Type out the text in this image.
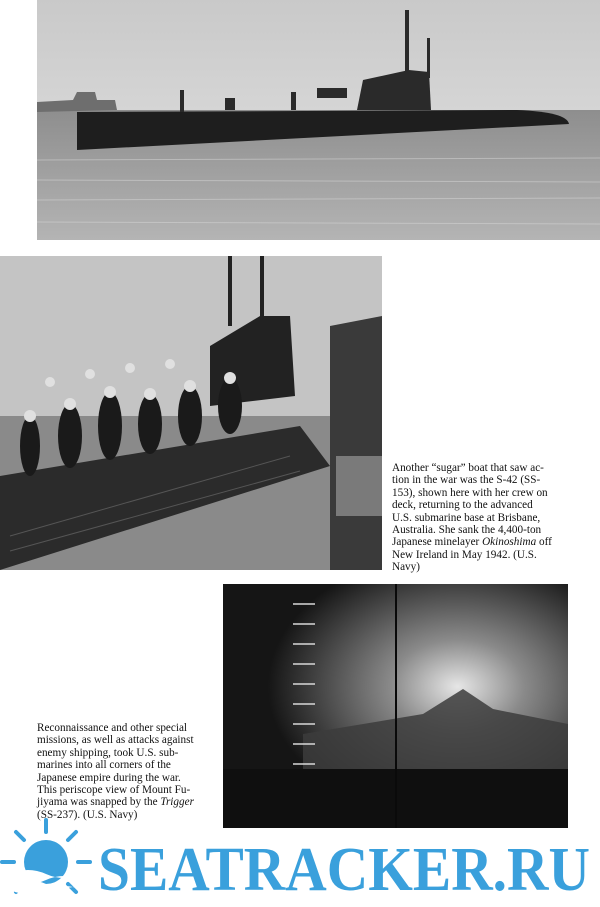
Another “sugar” boat that saw ac-
tion in the war was the S-42 (SS-
153), shown here with her crew on
deck, returning to the advanced
U.S. submarine base at Brisbane,
Australia. She sank the 4,400-ton
Japanese minelayer Okinoshima off
New Ireland in May 1942. (U.S.
Navy)

Reconnaissance and other special
missions, as well as attacks against
enemy shipping, took U.S. sub-
marines into all corners of the
Japanese empire during the war.
This periscope view of Mount Fu-
jiyama was snapped by the Trigger
(SS-237). (U.S. Navy)

SEATRACKER.RU
